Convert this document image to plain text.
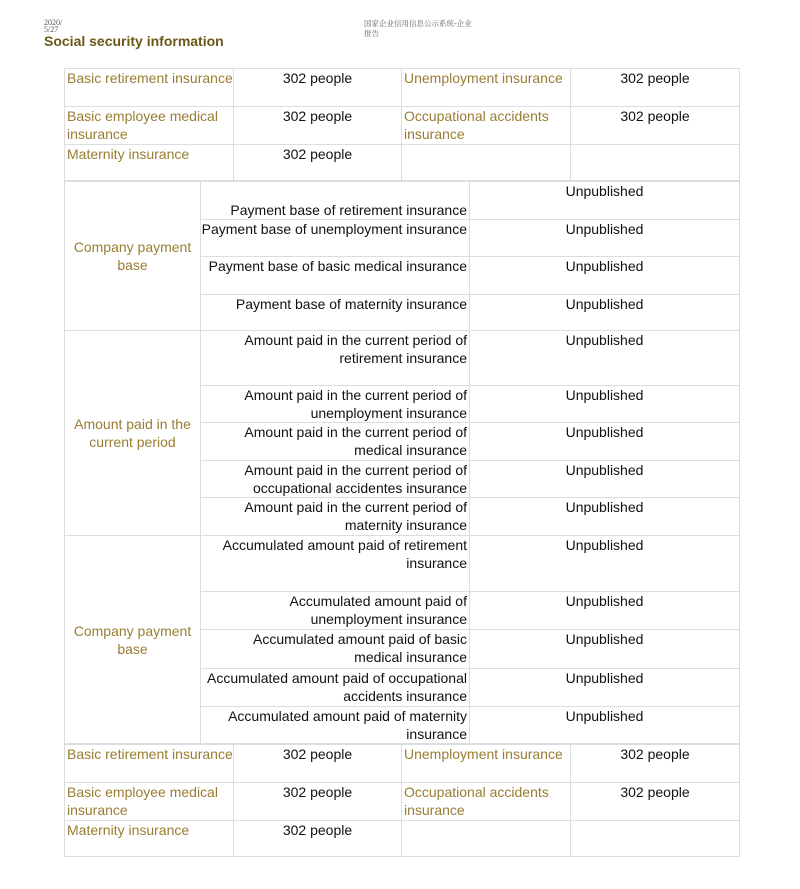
2020/
5/27
国家企业信用信息公示系统-企业
报告
Social security information
Basic retirement insurance	302 people	Unemployment insurance	302 people
Basic employee medical insurance	302 people	Occupational accidents insurance	302 people
Maternity insurance	302 people		
Company payment base	Payment base of retirement insurance	Unpublished
	Payment base of unemployment insurance	Unpublished
	Payment base of basic medical insurance	Unpublished
	Payment base of maternity insurance	Unpublished
Amount paid in the current period	Amount paid in the current period of retirement insurance	Unpublished
	Amount paid in the current period of unemployment insurance	Unpublished
	Amount paid in the current period of medical insurance	Unpublished
	Amount paid in the current period of occupational accidentes insurance	Unpublished
	Amount paid in the current period of maternity insurance	Unpublished
Company payment base	Accumulated amount paid of retirement insurance	Unpublished
	Accumulated amount paid of unemployment insurance	Unpublished
	Accumulated amount paid of basic medical insurance	Unpublished
	Accumulated amount paid of occupational accidents insurance	Unpublished
	Accumulated amount paid of maternity insurance	Unpublished
Basic retirement insurance	302 people	Unemployment insurance	302 people
Basic employee medical insurance	302 people	Occupational accidents insurance	302 people
Maternity insurance	302 people		
